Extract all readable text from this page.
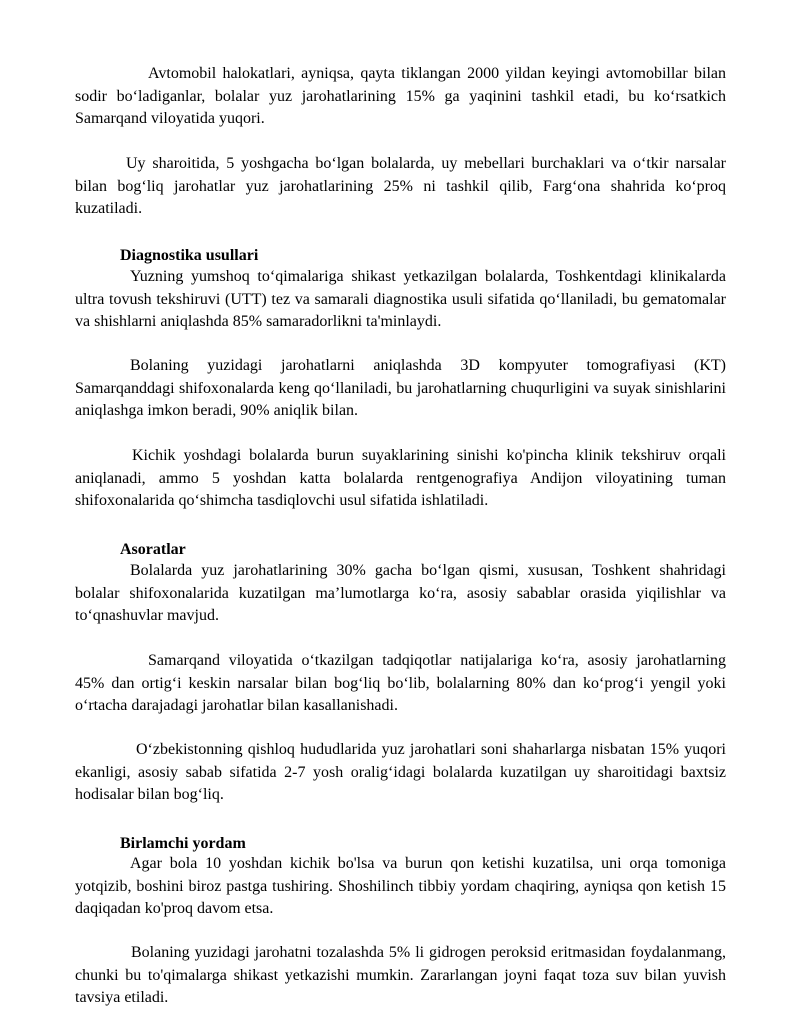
Avtomobil halokatlari, ayniqsa, qayta tiklangan 2000 yildan keyingi avtomobillar bilan sodir boʻladiganlar, bolalar yuz jarohatlarining 15% ga yaqinini tashkil etadi, bu koʻrsatkich Samarqand viloyatida yuqori.

Uy sharoitida, 5 yoshgacha boʻlgan bolalarda, uy mebellari burchaklari va oʻtkir narsalar bilan bogʻliq jarohatlar yuz jarohatlarining 25% ni tashkil qilib, Fargʻona shahrida koʻproq kuzatiladi.

Diagnostika usullari

Yuzning yumshoq toʻqimalariga shikast yetkazilgan bolalarda, Toshkentdagi klinikalarda ultra tovush tekshiruvi (UTT) tez va samarali diagnostika usuli sifatida qoʻllaniladi, bu gematomalar va shishlarni aniqlashda 85% samaradorlikni ta'minlaydi.

Bolaning yuzidagi jarohatlarni aniqlashda 3D kompyuter tomografiyasi (KT) Samarqanddagi shifoxonalarda keng qoʻllaniladi, bu jarohatlarning chuqurligini va suyak sinishlarini aniqlashga imkon beradi, 90% aniqlik bilan.

Kichik yoshdagi bolalarda burun suyaklarining sinishi ko'pincha klinik tekshiruv orqali aniqlanadi, ammo 5 yoshdan katta bolalarda rentgenografiya Andijon viloyatining tuman shifoxonalarida qoʻshimcha tasdiqlovchi usul sifatida ishlatiladi.

Asoratlar

Bolalarda yuz jarohatlarining 30% gacha boʻlgan qismi, xususan, Toshkent shahridagi bolalar shifoxonalarida kuzatilgan maʼlumotlarga koʻra, asosiy sabablar orasida yiqilishlar va toʻqnashuvlar mavjud.

Samarqand viloyatida oʻtkazilgan tadqiqotlar natijalariga koʻra, asosiy jarohatlarning 45% dan ortigʻi keskin narsalar bilan bogʻliq boʻlib, bolalarning 80% dan koʻprogʻi yengil yoki oʻrtacha darajadagi jarohatlar bilan kasallanishadi.

Oʻzbekistonning qishloq hududlarida yuz jarohatlari soni shaharlarga nisbatan 15% yuqori ekanligi, asosiy sabab sifatida 2-7 yosh oraligʻidagi bolalarda kuzatilgan uy sharoitidagi baxtsiz hodisalar bilan bogʻliq.

Birlamchi yordam

Agar bola 10 yoshdan kichik bo'lsa va burun qon ketishi kuzatilsa, uni orqa tomoniga yotqizib, boshini biroz pastga tushiring. Shoshilinch tibbiy yordam chaqiring, ayniqsa qon ketish 15 daqiqadan ko'proq davom etsa.

Bolaning yuzidagi jarohatni tozalashda 5% li gidrogen peroksid eritmasidan foydalanmang, chunki bu to'qimalarga shikast yetkazishi mumkin. Zararlangan joyni faqat toza suv bilan yuvish tavsiya etiladi.
